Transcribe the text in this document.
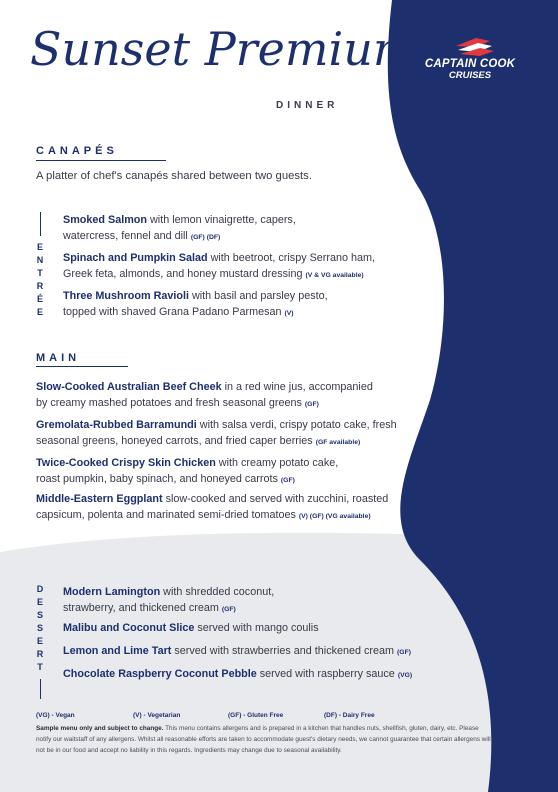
Sunset Premium
DINNER
CAPTAIN COOK
CRUISES
CANAPÉS
A platter of chef's canapés shared between two guests.
ENTRÉE
Smoked Salmon with lemon vinaigrette, capers,
watercress, fennel and dill (GF) (DF)
Spinach and Pumpkin Salad with beetroot, crispy Serrano ham,
Greek feta, almonds, and honey mustard dressing (V & VG available)
Three Mushroom Ravioli with basil and parsley pesto,
topped with shaved Grana Padano Parmesan (V)
MAIN
Slow-Cooked Australian Beef Cheek in a red wine jus, accompanied
by creamy mashed potatoes and fresh seasonal greens (GF)
Gremolata-Rubbed Barramundi with salsa verdi, crispy potato cake, fresh
seasonal greens, honeyed carrots, and fried caper berries (GF available)
Twice-Cooked Crispy Skin Chicken with creamy potato cake,
roast pumpkin, baby spinach, and honeyed carrots (GF)
Middle-Eastern Eggplant slow-cooked and served with zucchini, roasted
capsicum, polenta and marinated semi-dried tomatoes (V) (GF) (VG available)
DESSERT Modern Lamington with shredded coconut,
strawberry, and thickened cream (GF)
Malibu and Coconut Slice served with mango coulis
Lemon and Lime Tart served with strawberries and thickened cream (GF)
Chocolate Raspberry Coconut Pebble served with raspberry sauce (VG)
(VG) - Vegan	(V) - Vegetarian	(GF) - Gluten Free	(DF) - Dairy Free
Sample menu only and subject to change. This menu contains allergens and is prepared in a kitchen that handles nuts, shellfish, gluten, dairy, etc. Please notify our waitstaff of any allergens. Whilst all reasonable efforts are taken to accommodate guest's dietary needs, we cannot guarantee that certain allergens will not be in our food and accept no liability in this regards. Ingredients may change due to seasonal availability.
